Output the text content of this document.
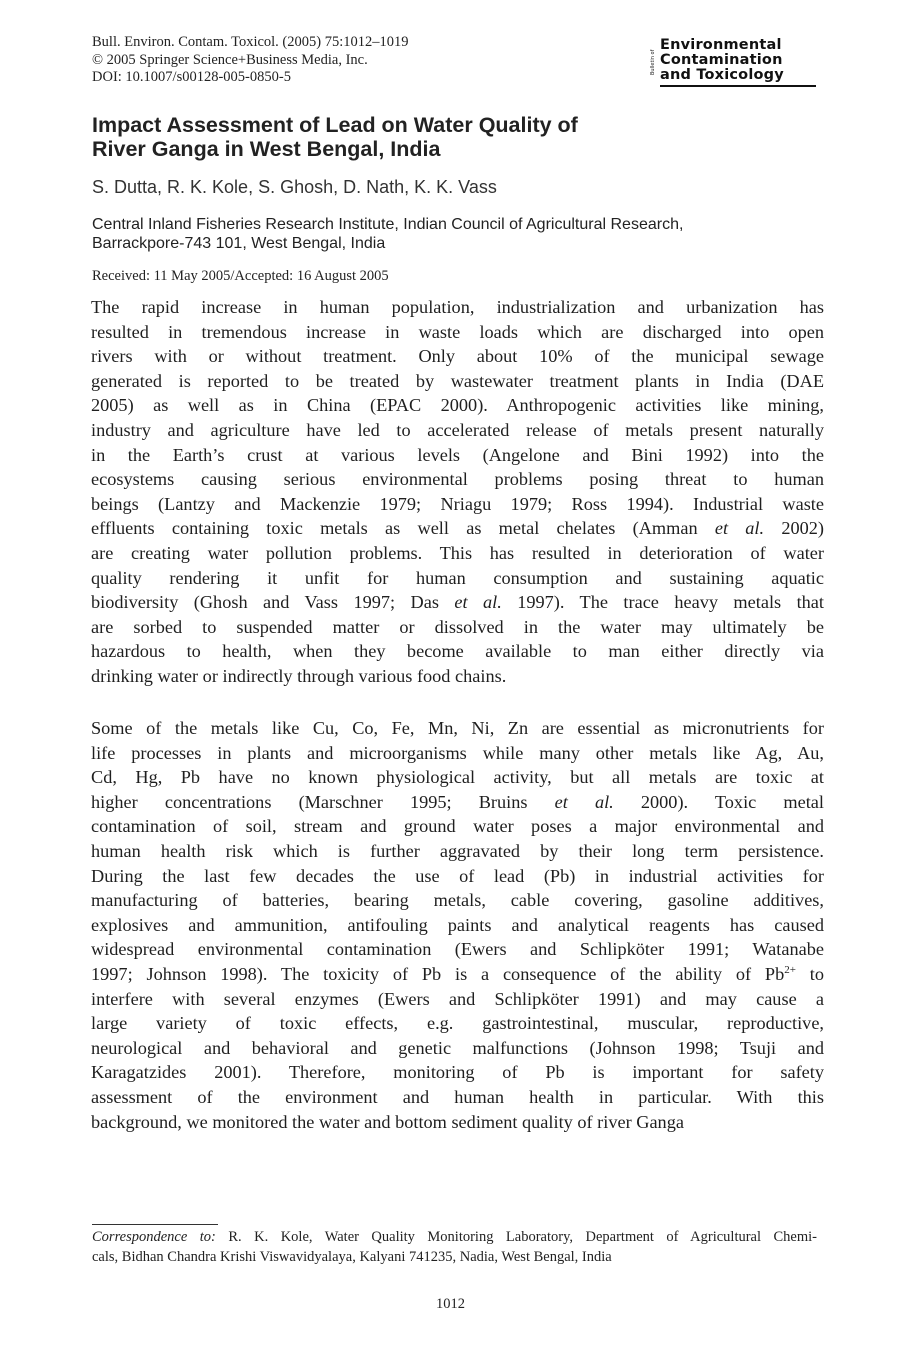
Bull. Environ. Contam. Toxicol. (2005) 75:1012–1019
© 2005 Springer Science+Business Media, Inc.
DOI: 10.1007/s00128-005-0850-5
Bulletin of
Environmental
Contamination
and Toxicology
Impact Assessment of Lead on Water Quality of
River Ganga in West Bengal, India
S. Dutta, R. K. Kole, S. Ghosh, D. Nath, K. K. Vass
Central Inland Fisheries Research Institute, Indian Council of Agricultural Research,
Barrackpore-743 101, West Bengal, India
Received: 11 May 2005/Accepted: 16 August 2005
The rapid increase in human population, industrialization and urbanization has
resulted in tremendous increase in waste loads which are discharged into open
rivers with or without treatment. Only about 10% of the municipal sewage
generated is reported to be treated by wastewater treatment plants in India (DAE
2005) as well as in China (EPAC 2000). Anthropogenic activities like mining,
industry and agriculture have led to accelerated release of metals present naturally
in the Earth’s crust at various levels (Angelone and Bini 1992) into the
ecosystems causing serious environmental problems posing threat to human
beings (Lantzy and Mackenzie 1979; Nriagu 1979; Ross 1994). Industrial waste
effluents containing toxic metals as well as metal chelates (Amman et al. 2002)
are creating water pollution problems. This has resulted in deterioration of water
quality rendering it unfit for human consumption and sustaining aquatic
biodiversity (Ghosh and Vass 1997; Das et al. 1997). The trace heavy metals that
are sorbed to suspended matter or dissolved in the water may ultimately be
hazardous to health, when they become available to man either directly via
drinking water or indirectly through various food chains.
Some of the metals like Cu, Co, Fe, Mn, Ni, Zn are essential as micronutrients for
life processes in plants and microorganisms while many other metals like Ag, Au,
Cd, Hg, Pb have no known physiological activity, but all metals are toxic at
higher concentrations (Marschner 1995; Bruins et al. 2000). Toxic metal
contamination of soil, stream and ground water poses a major environmental and
human health risk which is further aggravated by their long term persistence.
During the last few decades the use of lead (Pb) in industrial activities for
manufacturing of batteries, bearing metals, cable covering, gasoline additives,
explosives and ammunition, antifouling paints and analytical reagents has caused
widespread environmental contamination (Ewers and Schlipköter 1991; Watanabe
1997; Johnson 1998). The toxicity of Pb is a consequence of the ability of $Pb^{2+}$ to
interfere with several enzymes (Ewers and Schlipköter 1991) and may cause a
large variety of toxic effects, e.g. gastrointestinal, muscular, reproductive,
neurological and behavioral and genetic malfunctions (Johnson 1998; Tsuji and
Karagatzides 2001). Therefore, monitoring of Pb is important for safety
assessment of the environment and human health in particular. With this
background, we monitored the water and bottom sediment quality of river Ganga
Correspondence to: R. K. Kole, Water Quality Monitoring Laboratory, Department of Agricultural Chemi-
cals, Bidhan Chandra Krishi Viswavidyalaya, Kalyani 741235, Nadia, West Bengal, India
1012
